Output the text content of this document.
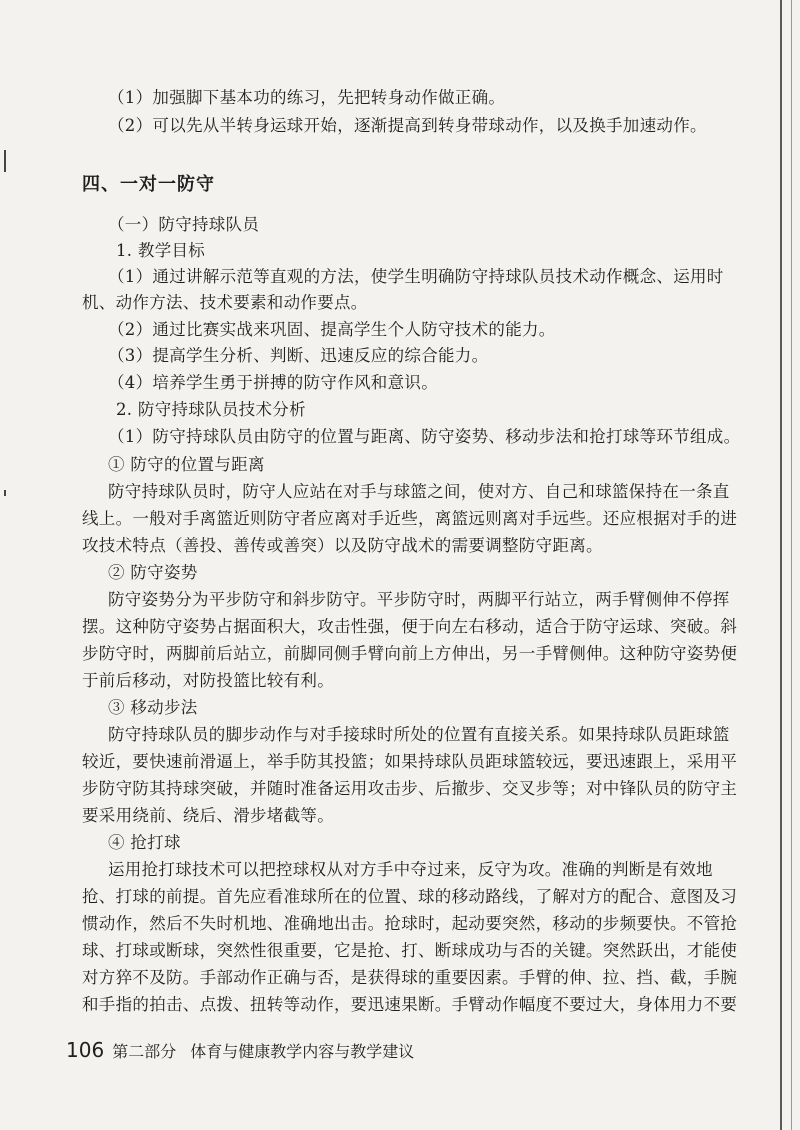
（1）加强脚下基本功的练习，先把转身动作做正确。
（2）可以先从半转身运球开始，逐渐提高到转身带球动作，以及换手加速动作。
四、一对一防守
（一）防守持球队员
1. 教学目标
（1）通过讲解示范等直观的方法，使学生明确防守持球队员技术动作概念、运用时
机、动作方法、技术要素和动作要点。
（2）通过比赛实战来巩固、提高学生个人防守技术的能力。
（3）提高学生分析、判断、迅速反应的综合能力。
（4）培养学生勇于拼搏的防守作风和意识。
2. 防守持球队员技术分析
（1）防守持球队员由防守的位置与距离、防守姿势、移动步法和抢打球等环节组成。
① 防守的位置与距离
防守持球队员时，防守人应站在对手与球篮之间，使对方、自己和球篮保持在一条直
线上。一般对手离篮近则防守者应离对手近些，离篮远则离对手远些。还应根据对手的进
攻技术特点（善投、善传或善突）以及防守战术的需要调整防守距离。
② 防守姿势
防守姿势分为平步防守和斜步防守。平步防守时，两脚平行站立，两手臂侧伸不停挥
摆。这种防守姿势占据面积大，攻击性强，便于向左右移动，适合于防守运球、突破。斜
步防守时，两脚前后站立，前脚同侧手臂向前上方伸出，另一手臂侧伸。这种防守姿势便
于前后移动，对防投篮比较有利。
③ 移动步法
防守持球队员的脚步动作与对手接球时所处的位置有直接关系。如果持球队员距球篮
较近，要快速前滑逼上，举手防其投篮；如果持球队员距球篮较远，要迅速跟上，采用平
步防守防其持球突破，并随时准备运用攻击步、后撤步、交叉步等；对中锋队员的防守主
要采用绕前、绕后、滑步堵截等。
④ 抢打球
运用抢打球技术可以把控球权从对方手中夺过来，反守为攻。准确的判断是有效地
抢、打球的前提。首先应看准球所在的位置、球的移动路线，了解对方的配合、意图及习
惯动作，然后不失时机地、准确地出击。抢球时，起动要突然，移动的步频要快。不管抢
球、打球或断球，突然性很重要，它是抢、打、断球成功与否的关键。突然跃出，才能使
对方猝不及防。手部动作正确与否，是获得球的重要因素。手臂的伸、拉、挡、截，手腕
和手指的拍击、点拨、扭转等动作，要迅速果断。手臂动作幅度不要过大，身体用力不要
106 第二部分 体育与健康教学内容与教学建议
